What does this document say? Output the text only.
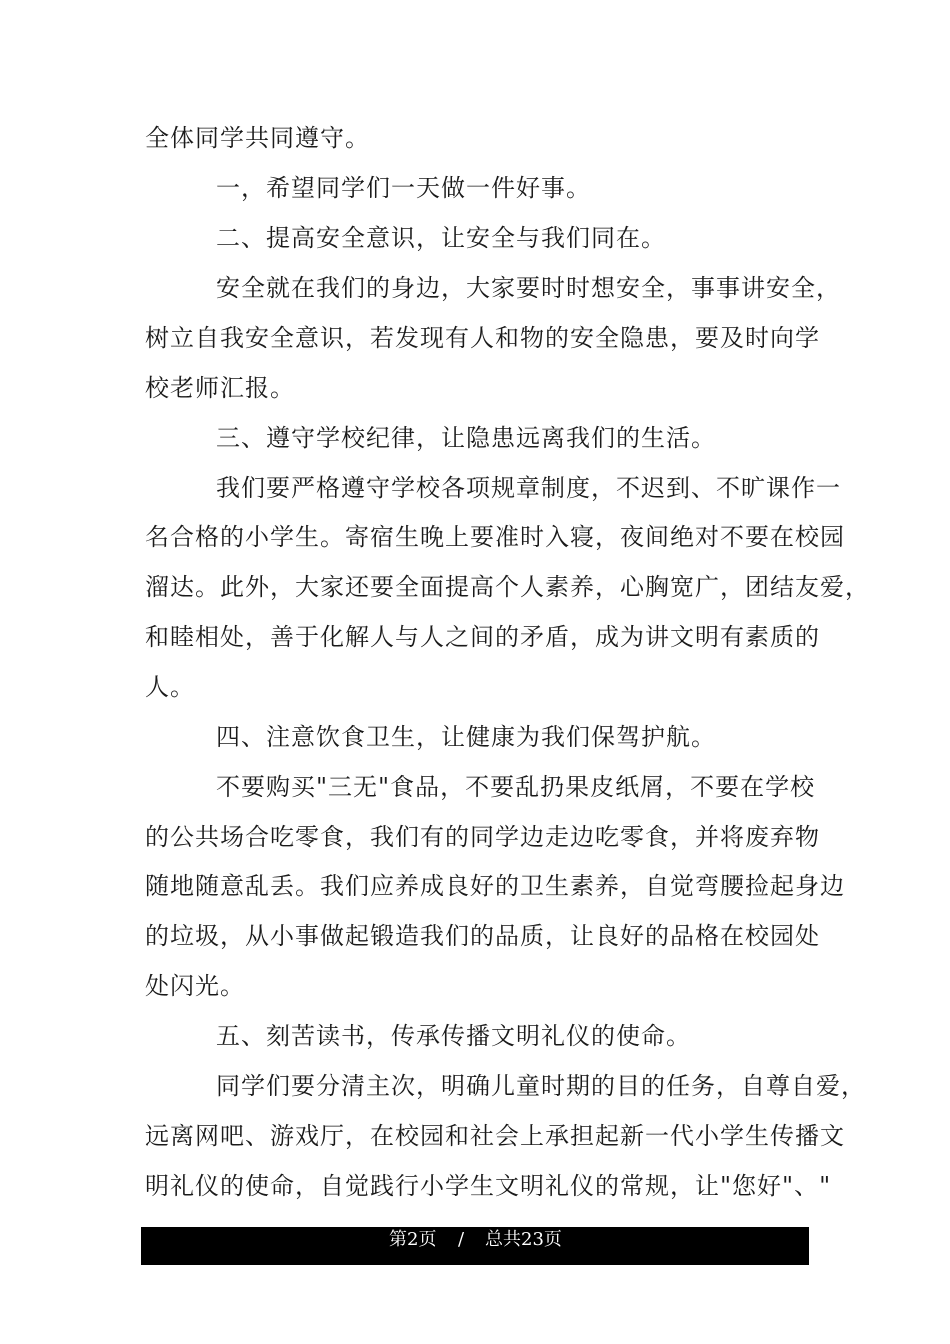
全体同学共同遵守。
一，希望同学们一天做一件好事。
二、提高安全意识，让安全与我们同在。
安全就在我们的身边，大家要时时想安全，事事讲安全，
树立自我安全意识，若发现有人和物的安全隐患，要及时向学
校老师汇报。
三、遵守学校纪律，让隐患远离我们的生活。
我们要严格遵守学校各项规章制度，不迟到、不旷课作一
名合格的小学生。寄宿生晚上要准时入寝，夜间绝对不要在校园
溜达。此外，大家还要全面提高个人素养，心胸宽广，团结友爱，
和睦相处，善于化解人与人之间的矛盾，成为讲文明有素质的
人。
四、注意饮食卫生，让健康为我们保驾护航。
不要购买"三无"食品，不要乱扔果皮纸屑，不要在学校
的公共场合吃零食，我们有的同学边走边吃零食，并将废弃物
随地随意乱丢。我们应养成良好的卫生素养，自觉弯腰捡起身边
的垃圾，从小事做起锻造我们的品质，让良好的品格在校园处
处闪光。
五、刻苦读书，传承传播文明礼仪的使命。
同学们要分清主次，明确儿童时期的目的任务，自尊自爱，
远离网吧、游戏厅，在校园和社会上承担起新一代小学生传播文
明礼仪的使命，自觉践行小学生文明礼仪的常规，让"您好"、"
第2页 / 总共23页
